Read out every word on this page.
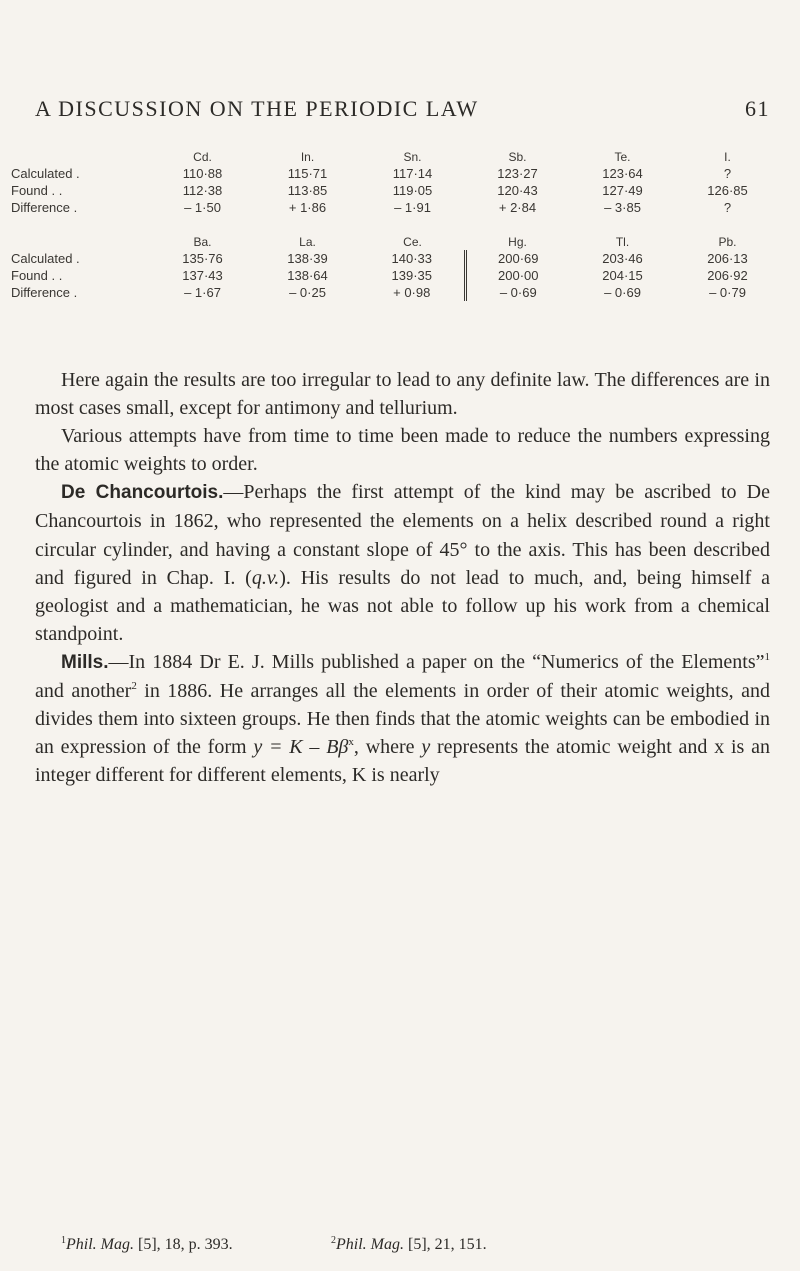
A DISCUSSION ON THE PERIODIC LAW	61
	Cd.	In.	Sn.	Sb.	Te.	I.
Calculated .	110·88	115·71	117·14	123·27	123·64	?
Found . .	112·38	113·85	119·05	120·43	127·49	126·85
Difference .	– 1·50	+ 1·86	– 1·91	+ 2·84	– 3·85	?
	Ba.	La.	Ce.	Hg.	Tl.	Pb.
Calculated .	135·76	138·39	140·33	200·69	203·46	206·13
Found . .	137·43	138·64	139·35	200·00	204·15	206·92
Difference .	– 1·67	– 0·25	+ 0·98	– 0·69	– 0·69	– 0·79

Here again the results are too irregular to lead to any definite law. The differences are in most cases small, except for antimony and tellurium.

Various attempts have from time to time been made to reduce the numbers expressing the atomic weights to order.

De Chancourtois.—Perhaps the first attempt of the kind may be ascribed to De Chancourtois in 1862, who represented the elements on a helix described round a right circular cylinder, and having a constant slope of 45° to the axis. This has been described and figured in Chap. I. (q.v.). His results do not lead to much, and, being himself a geologist and a mathematician, he was not able to follow up his work from a chemical standpoint.

Mills.—In 1884 Dr E. J. Mills published a paper on the “Numerics of the Elements”$^1$ and another$^2$ in 1886. He arranges all the elements in order of their atomic weights, and divides them into sixteen groups. He then finds that the atomic weights can be embodied in an expression of the form $y = K - B\beta^x$, where y represents the atomic weight and x is an integer different for different elements, K is nearly

$^1$Phil. Mag. [5], 18, p. 393.	$^2$Phil. Mag. [5], 21, 151.
